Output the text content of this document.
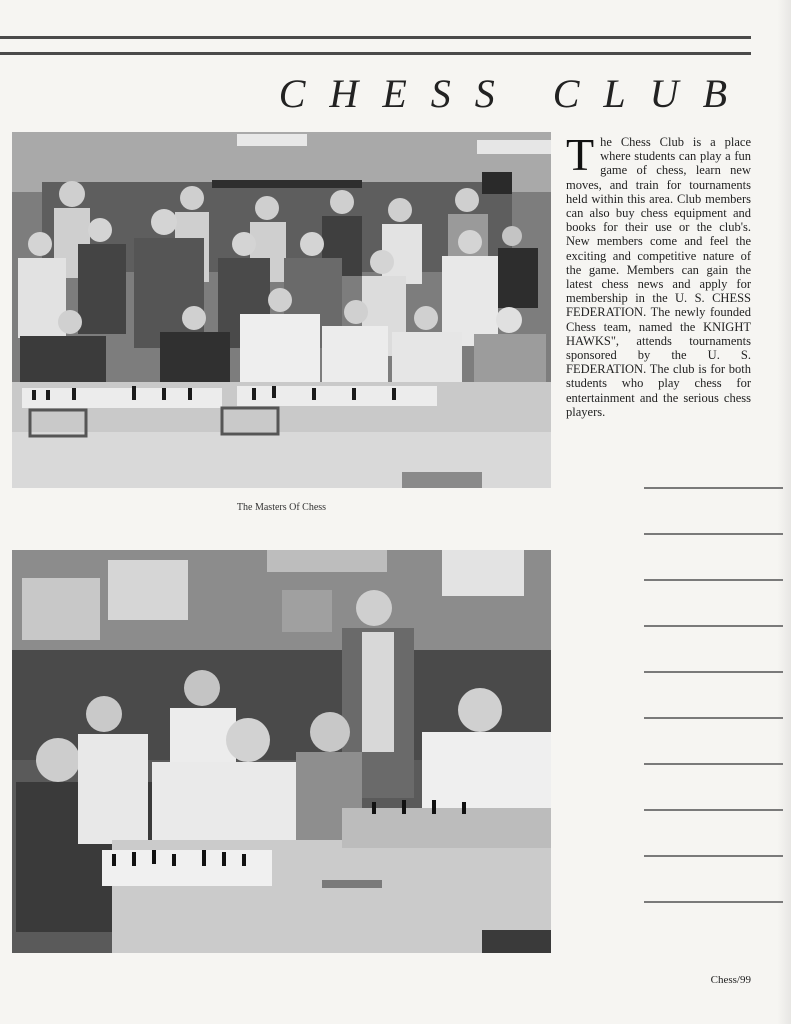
CHESS CLUB
The Masters Of Chess
The Chess Club is a place where students can play a fun game of chess, learn new moves, and train for tournaments held within this area. Club members can also buy chess equipment and books for their use or the club's. New members come and feel the exciting and competitive nature of the game. Members can gain the latest chess news and apply for membership in the U. S. CHESS FEDERATION. The newly founded Chess team, named the KNIGHT HAWKS", attends tournaments sponsored by the U. S. FEDERATION. The club is for both students who play chess for entertainment and the serious chess players.
Chess/99
